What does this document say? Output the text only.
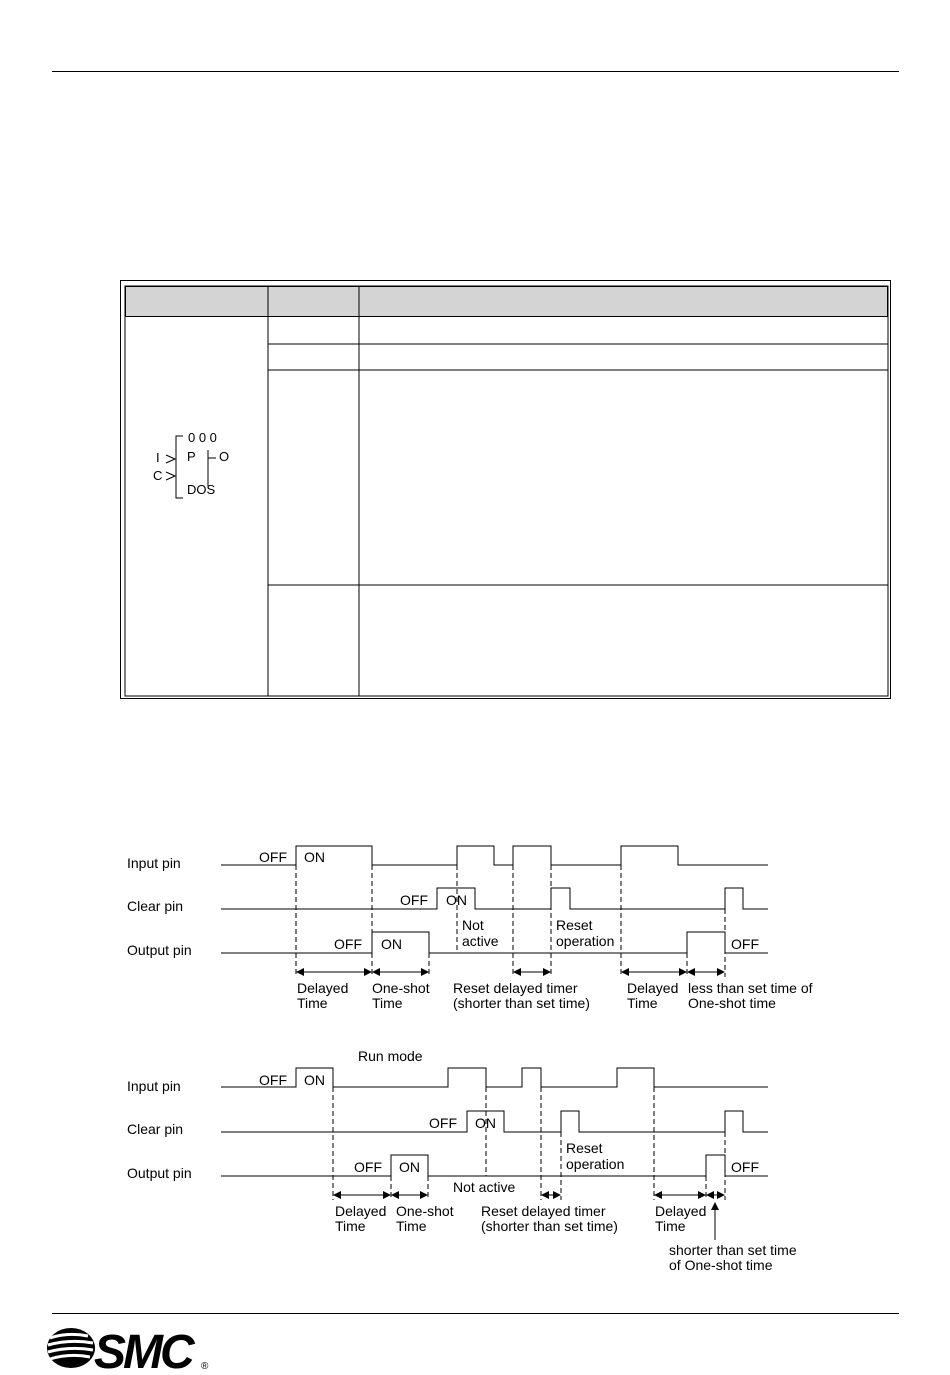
0 0 0
I
C
P O
DOS
Input pin
Clear pin
Output pin
OFF ON
OFF ON
Not
active
Reset
operation
OFF ON	OFF
Delayed
Time
One-shot
Time
Reset delayed timer
(shorter than set time)
Delayed
Time
less than set time of
One-shot time
Run mode
Input pin
Clear pin
Output pin
OFF ON
OFF ON
Reset
operation
OFF ON	OFF
Not active
Delayed
Time
One-shot
Time
Reset delayed timer
(shorter than set time)
Delayed
Time
shorter than set time
of One-shot time
SMC ®
